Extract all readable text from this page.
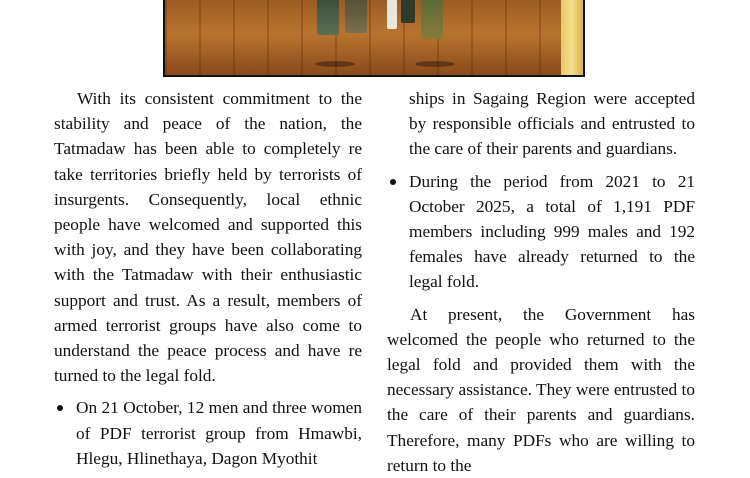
With its consistent commitment to the stability and peace of the nation, the Tatmadaw has been able to completely re take territories briefly held by terrorists of insurgents. Consequently, local ethnic people have welcomed and supported this with joy, and they have been collaborating with the Tatmadaw with their enthusiastic support and trust. As a result, members of armed terrorist groups have also come to understand the peace process and have re turned to the legal fold.

On 21 October, 12 men and three women of PDF terrorist group from Hmawbi, Hlegu, Hlinethaya, Dagon Myothit

ships in Sagaing Region were accepted by responsible officials and entrusted to the care of their parents and guardians.

During the period from 2021 to 21 October 2025, a total of 1,191 PDF members including 999 males and 192 females have already returned to the legal fold.

At present, the Government has welcomed the people who returned to the legal fold and provided them with the necessary assistance. They were entrusted to the care of their parents and guardians. Therefore, many PDFs who are willing to return to the
